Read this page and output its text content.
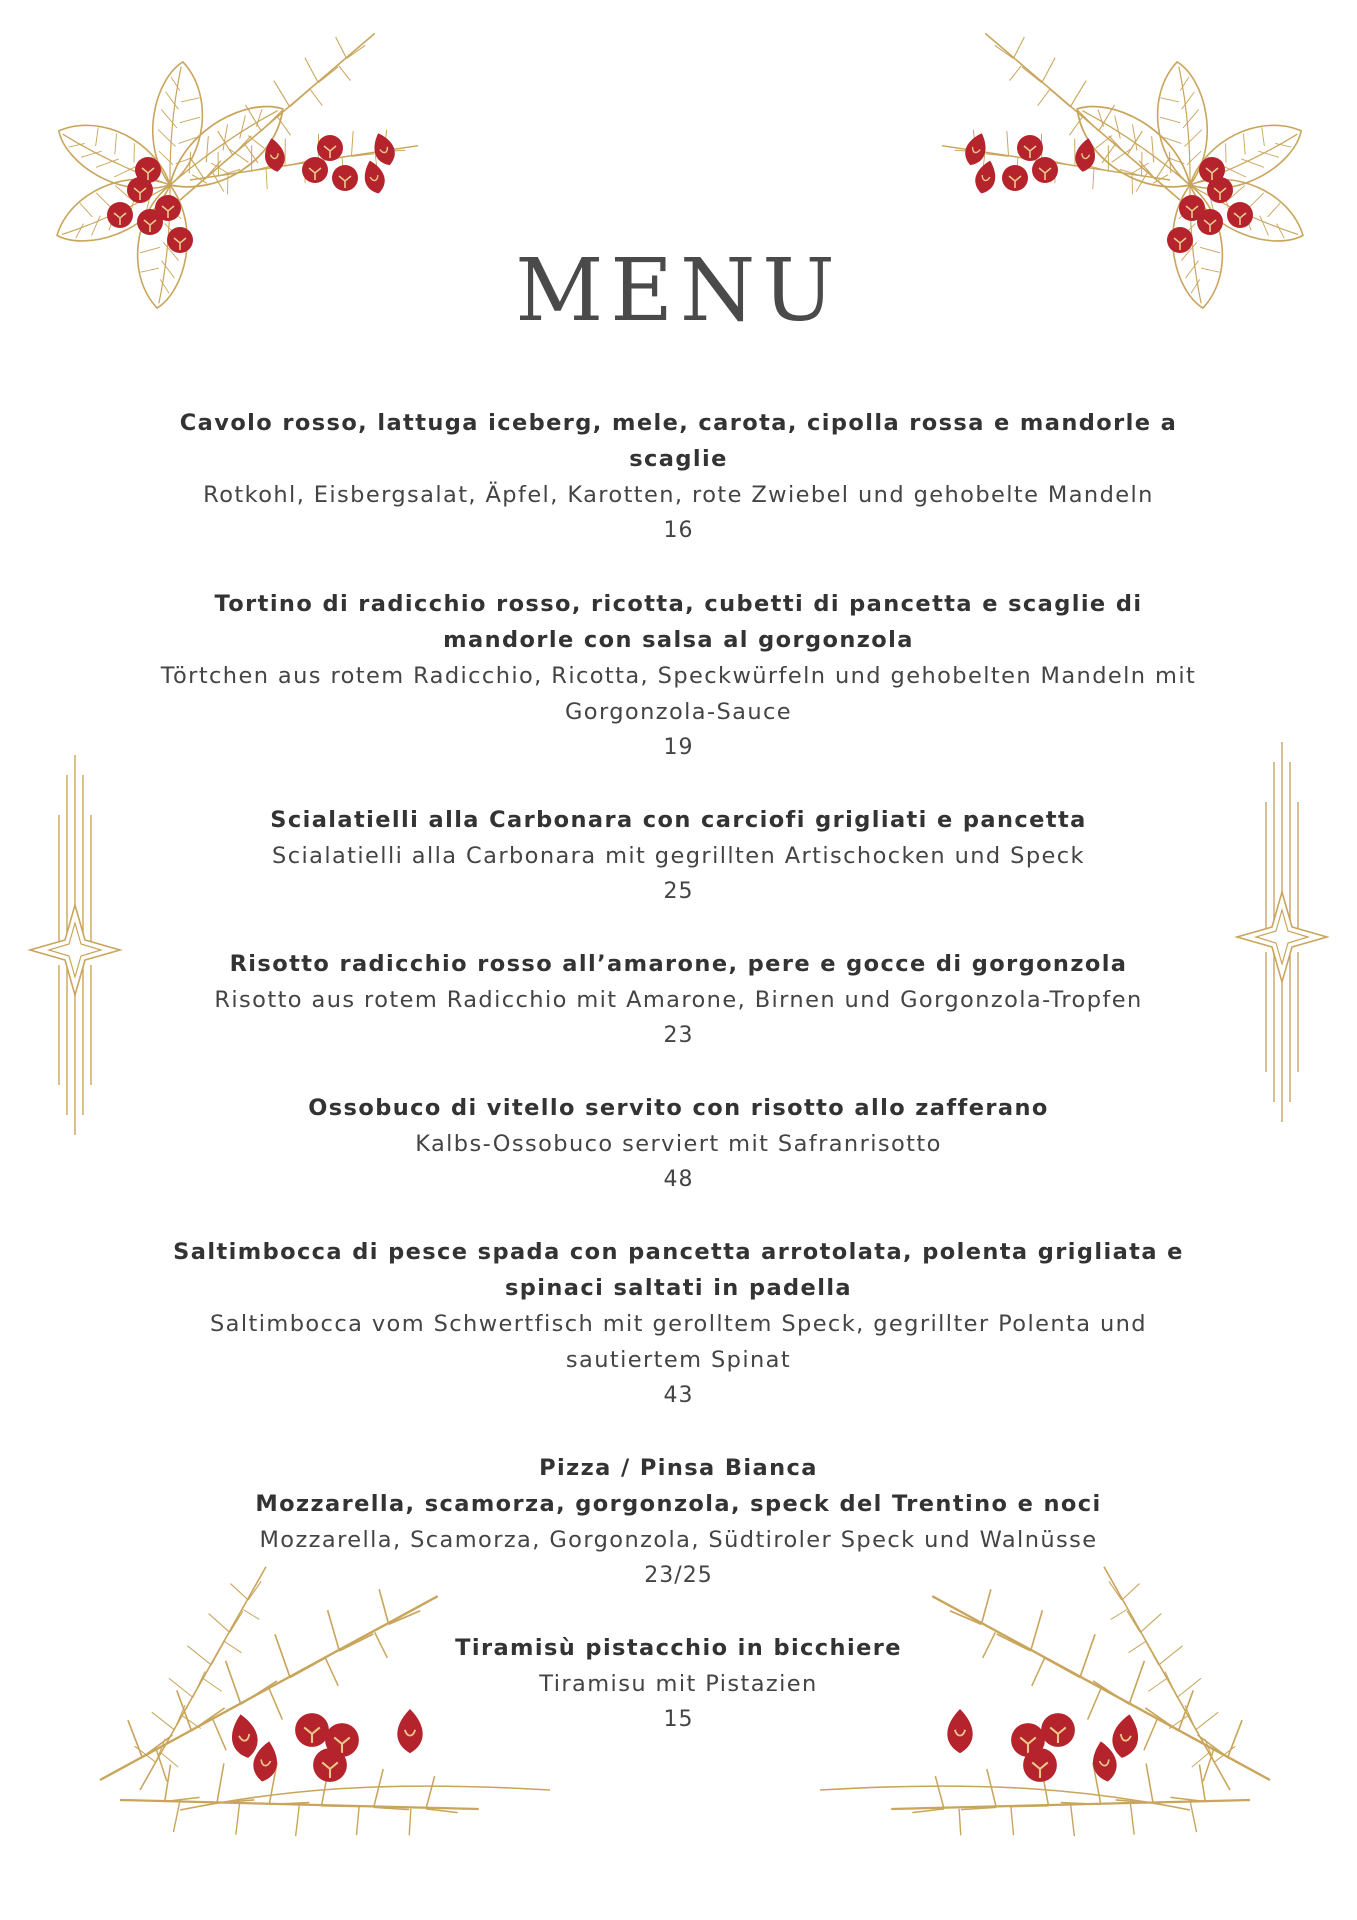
MENU
Cavolo rosso, lattuga iceberg, mele, carota, cipolla rossa e mandorle a scaglie
Rotkohl, Eisbergsalat, Äpfel, Karotten, rote Zwiebel und gehobelte Mandeln
16
Tortino di radicchio rosso, ricotta, cubetti di pancetta e scaglie di mandorle con salsa al gorgonzola
Törtchen aus rotem Radicchio, Ricotta, Speckwürfeln und gehobelten Mandeln mit Gorgonzola-Sauce
19
Scialatielli alla Carbonara con carciofi grigliati e pancetta
Scialatielli alla Carbonara mit gegrillten Artischocken und Speck
25
Risotto radicchio rosso all’amarone, pere e gocce di gorgonzola
Risotto aus rotem Radicchio mit Amarone, Birnen und Gorgonzola-Tropfen
23
Ossobuco di vitello servito con risotto allo zafferano
Kalbs-Ossobuco serviert mit Safranrisotto
48
Saltimbocca di pesce spada con pancetta arrotolata, polenta grigliata e spinaci saltati in padella
Saltimbocca vom Schwertfisch mit gerolltem Speck, gegrillter Polenta und sautiertem Spinat
43
Pizza / Pinsa Bianca
Mozzarella, scamorza, gorgonzola, speck del Trentino e noci
Mozzarella, Scamorza, Gorgonzola, Südtiroler Speck und Walnüsse
23/25
Tiramisù pistacchio in bicchiere
Tiramisu mit Pistazien
15
